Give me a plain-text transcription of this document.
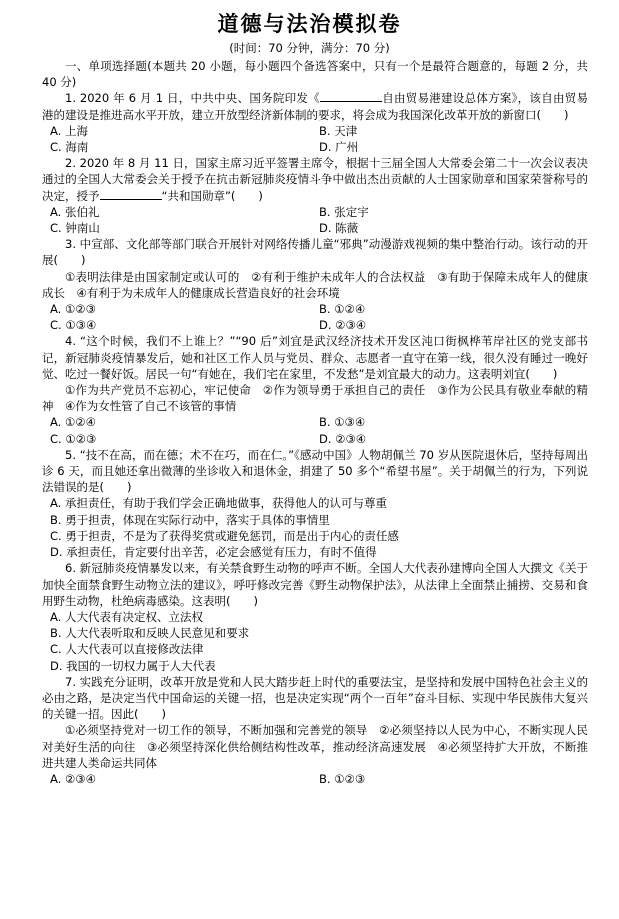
道德与法治模拟卷
(时间：70 分钟，满分：70 分)

一、单项选择题(本题共 20 小题，每小题四个备选答案中，只有一个是最符合题意的，每题 2 分，共 40 分)

1. 2020 年 6 月 1 日，中共中央、国务院印发《	自由贸易港建设总体方案》，该自由贸易港的建设是推进高水平开放，建立开放型经济新体制的要求，将会成为我国深化改革开放的新窗口(　　)

A. 上海	B. 天津
C. 海南	D. 广州

2. 2020 年 8 月 11 日，国家主席习近平签署主席令，根据十三届全国人大常委会第二十一次会议表决通过的全国人大常委会关于授予在抗击新冠肺炎疫情斗争中做出杰出贡献的人士国家勋章和国家荣誉称号的决定，授予	“共和国勋章”(　　)

A. 张伯礼	B. 张定宇
C. 钟南山	D. 陈薇

3. 中宣部、文化部等部门联合开展针对网络传播儿童“邪典”动漫游戏视频的集中整治行动。该行动的开展(　　)

①表明法律是由国家制定或认可的　②有利于维护未成年人的合法权益　③有助于保障未成年人的健康成长　④有利于为未成年人的健康成长营造良好的社会环境

A. ①②③	B. ①②④
C. ①③④	D. ②③④

4. “这个时候，我们不上谁上？”“90 后”刘宜是武汉经济技术开发区沌口街枫桦苇岸社区的党支部书记，新冠肺炎疫情暴发后，她和社区工作人员与党员、群众、志愿者一直守在第一线，很久没有睡过一晚好觉、吃过一餐好饭。居民一句“有她在，我们宅在家里，不发愁”是刘宜最大的动力。这表明刘宜(　　)

①作为共产党员不忘初心，牢记使命　②作为领导勇于承担自己的责任　③作为公民具有敬业奉献的精神　④作为女性管了自己不该管的事情

A. ①②④	B. ①③④
C. ①②③	D. ②③④

5. “技不在高，而在德；术不在巧，而在仁。”《感动中国》人物胡佩兰 70 岁从医院退休后，坚持每周出诊 6 天，而且她还拿出微薄的坐诊收入和退休金，捐建了 50 多个“希望书屋”。关于胡佩兰的行为，下列说法错误的是(　　)

A. 承担责任，有助于我们学会正确地做事，获得他人的认可与尊重
B. 勇于担责，体现在实际行动中，落实于具体的事情里
C. 勇于担责，不是为了获得奖赏或避免惩罚，而是出于内心的责任感
D. 承担责任，肯定要付出辛苦，必定会感觉有压力，有时不值得

6. 新冠肺炎疫情暴发以来，有关禁食野生动物的呼声不断。全国人大代表孙建博向全国人大撰文《关于加快全面禁食野生动物立法的建议》，呼吁修改完善《野生动物保护法》，从法律上全面禁止捕捞、交易和食用野生动物，杜绝病毒感染。这表明(　　)

A. 人大代表有决定权、立法权
B. 人大代表听取和反映人民意见和要求
C. 人大代表可以直接修改法律
D. 我国的一切权力属于人大代表

7. 实践充分证明，改革开放是党和人民大踏步赶上时代的重要法宝，是坚持和发展中国特色社会主义的必由之路，是决定当代中国命运的关键一招，也是决定实现“两个一百年”奋斗目标、实现中华民族伟大复兴的关键一招。因此(　　)

①必须坚持党对一切工作的领导，不断加强和完善党的领导　②必须坚持以人民为中心，不断实现人民对美好生活的向往　③必须坚持深化供给侧结构性改革，推动经济高速发展　④必须坚持扩大开放，不断推进共建人类命运共同体

A. ②③④	B. ①②③
